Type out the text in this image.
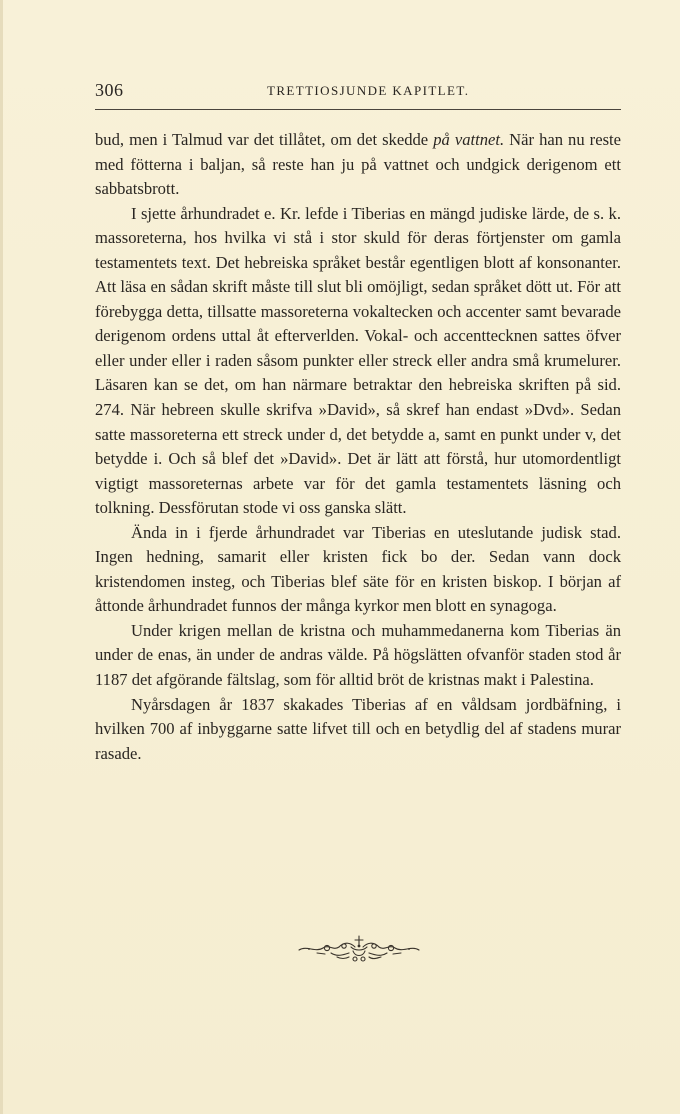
306	TRETTIOSJUNDE KAPITLET.

bud, men i Talmud var det tillåtet, om det skedde på vattnet. När han nu reste med fötterna i baljan, så reste han ju på vattnet och undgick derigenom ett sabbatsbrott.

I sjette århundradet e. Kr. lefde i Tiberias en mängd judiske lärde, de s. k. massoreterna, hos hvilka vi stå i stor skuld för deras förtjenster om gamla testamentets text. Det hebreiska språket består egentligen blott af konsonanter. Att läsa en sådan skrift måste till slut bli omöjligt, sedan språket dött ut. För att förebygga detta, tillsatte massoreterna vokaltecken och accenter samt bevarade derigenom ordens uttal åt efterverlden. Vokal- och accenttecknen sattes öfver eller under eller i raden såsom punkter eller streck eller andra små krumelurer. Läsaren kan se det, om han närmare betraktar den hebreiska skriften på sid. 274. När hebreen skulle skrifva »David», så skref han endast »Dvd». Sedan satte massoreterna ett streck under d, det betydde a, samt en punkt under v, det betydde i. Och så blef det »David». Det är lätt att förstå, hur utomordentligt vigtigt massoreternas arbete var för det gamla testamentets läsning och tolkning. Dessförutan stode vi oss ganska slätt.

Ända in i fjerde århundradet var Tiberias en uteslutande judisk stad. Ingen hedning, samarit eller kristen fick bo der. Sedan vann dock kristendomen insteg, och Tiberias blef säte för en kristen biskop. I början af åttonde århundradet funnos der många kyrkor men blott en synagoga.

Under krigen mellan de kristna och muhammedanerna kom Tiberias än under de enas, än under de andras välde. På högslätten ofvanför staden stod år 1187 det afgörande fältslag, som för alltid bröt de kristnas makt i Palestina.

Nyårsdagen år 1837 skakades Tiberias af en våldsam jordbäfning, i hvilken 700 af inbyggarne satte lifvet till och en betydlig del af stadens murar rasade.
